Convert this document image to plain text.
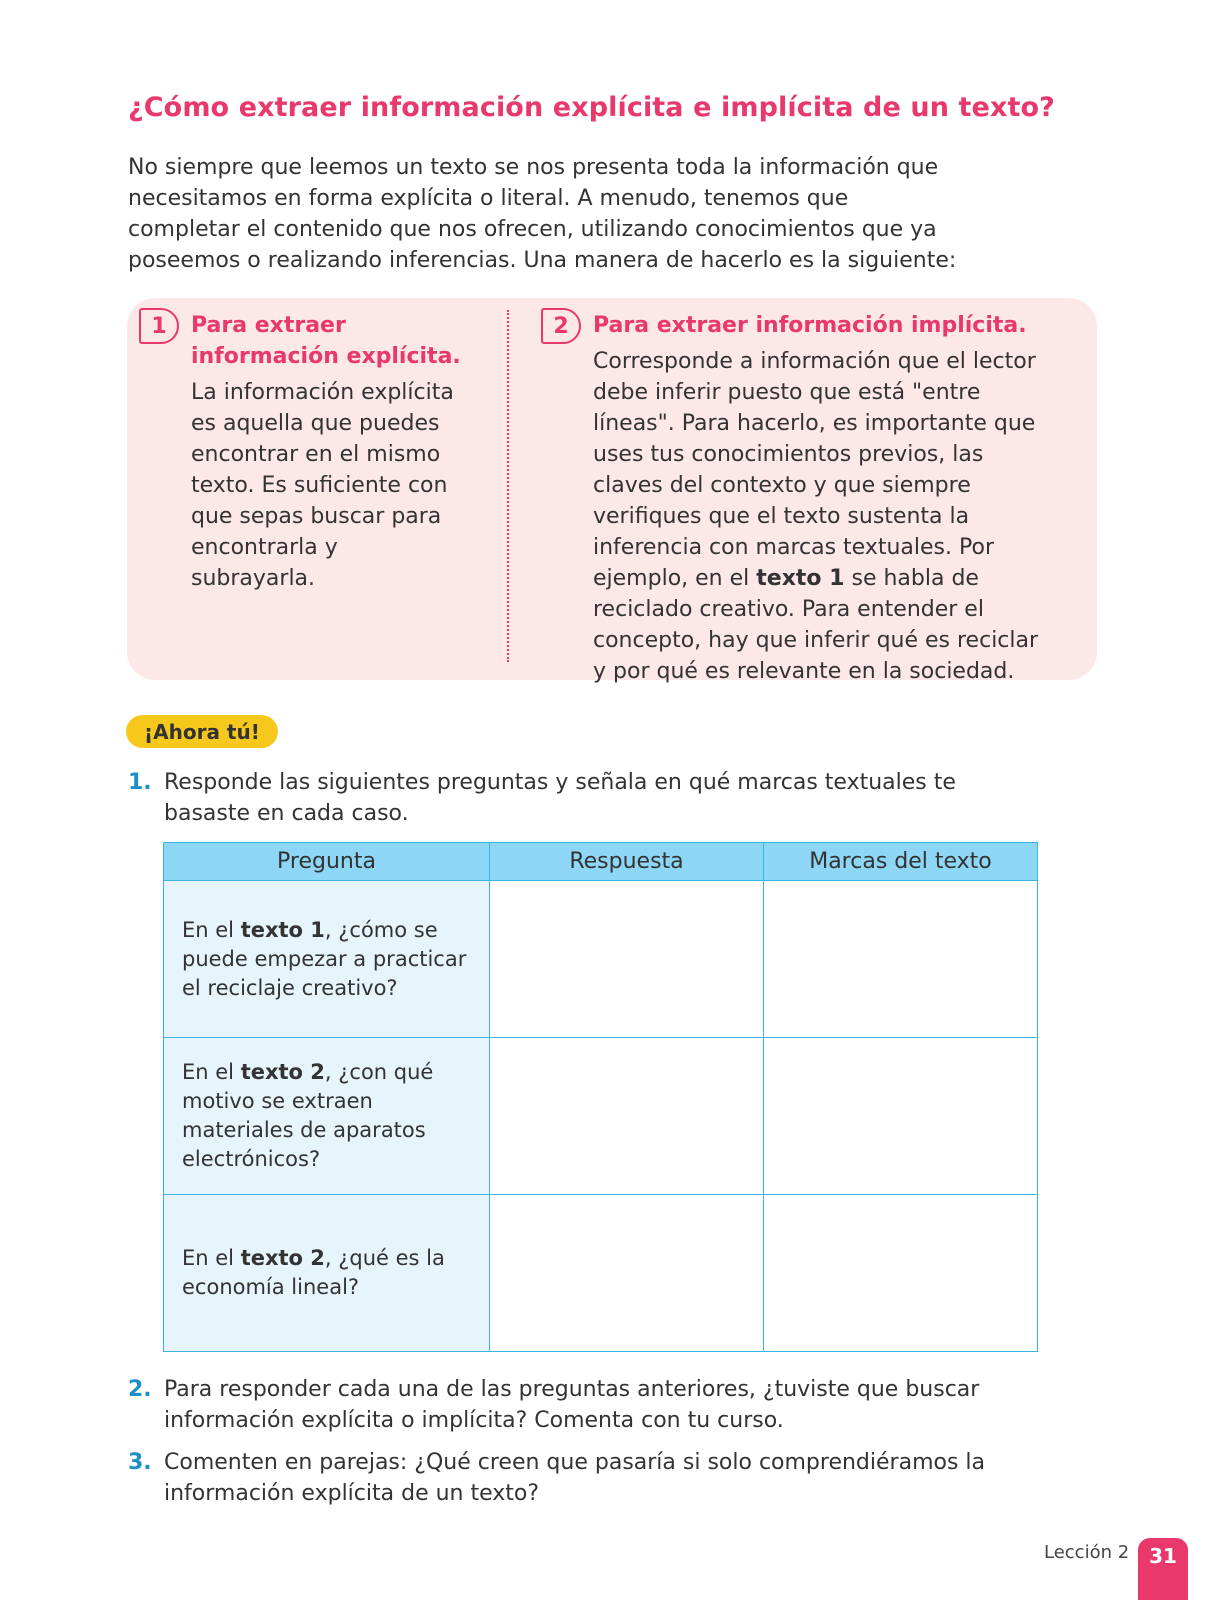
¿Cómo extraer información explícita e implícita de un texto?

No siempre que leemos un texto se nos presenta toda la información que necesitamos en forma explícita o literal. A menudo, tenemos que completar el contenido que nos ofrecen, utilizando conocimientos que ya poseemos o realizando inferencias. Una manera de hacerlo es la siguiente:

1	Para extraer información explícita.
La información explícita es aquella que puedes encontrar en el mismo texto. Es suficiente con que sepas buscar para encontrarla y subrayarla.
2	Para extraer información implícita.
Corresponde a información que el lector debe inferir puesto que está "entre líneas". Para hacerlo, es importante que uses tus conocimientos previos, las claves del contexto y que siempre verifiques que el texto sustenta la inferencia con marcas textuales. Por ejemplo, en el texto 1 se habla de reciclado creativo. Para entender el concepto, hay que inferir qué es reciclar y por qué es relevante en la sociedad.
¡Ahora tú!
1. Responde las siguientes preguntas y señala en qué marcas textuales te basaste en cada caso.
Pregunta	Respuesta	Marcas del texto
En el texto 1, ¿cómo se puede empezar a practicar el reciclaje creativo?		
En el texto 2, ¿con qué motivo se extraen materiales de aparatos electrónicos?		
En el texto 2, ¿qué es la economía lineal?		
2. Para responder cada una de las preguntas anteriores, ¿tuviste que buscar información explícita o implícita? Comenta con tu curso.
3. Comenten en parejas: ¿Qué creen que pasaría si solo comprendiéramos la información explícita de un texto?
Lección 2 31
